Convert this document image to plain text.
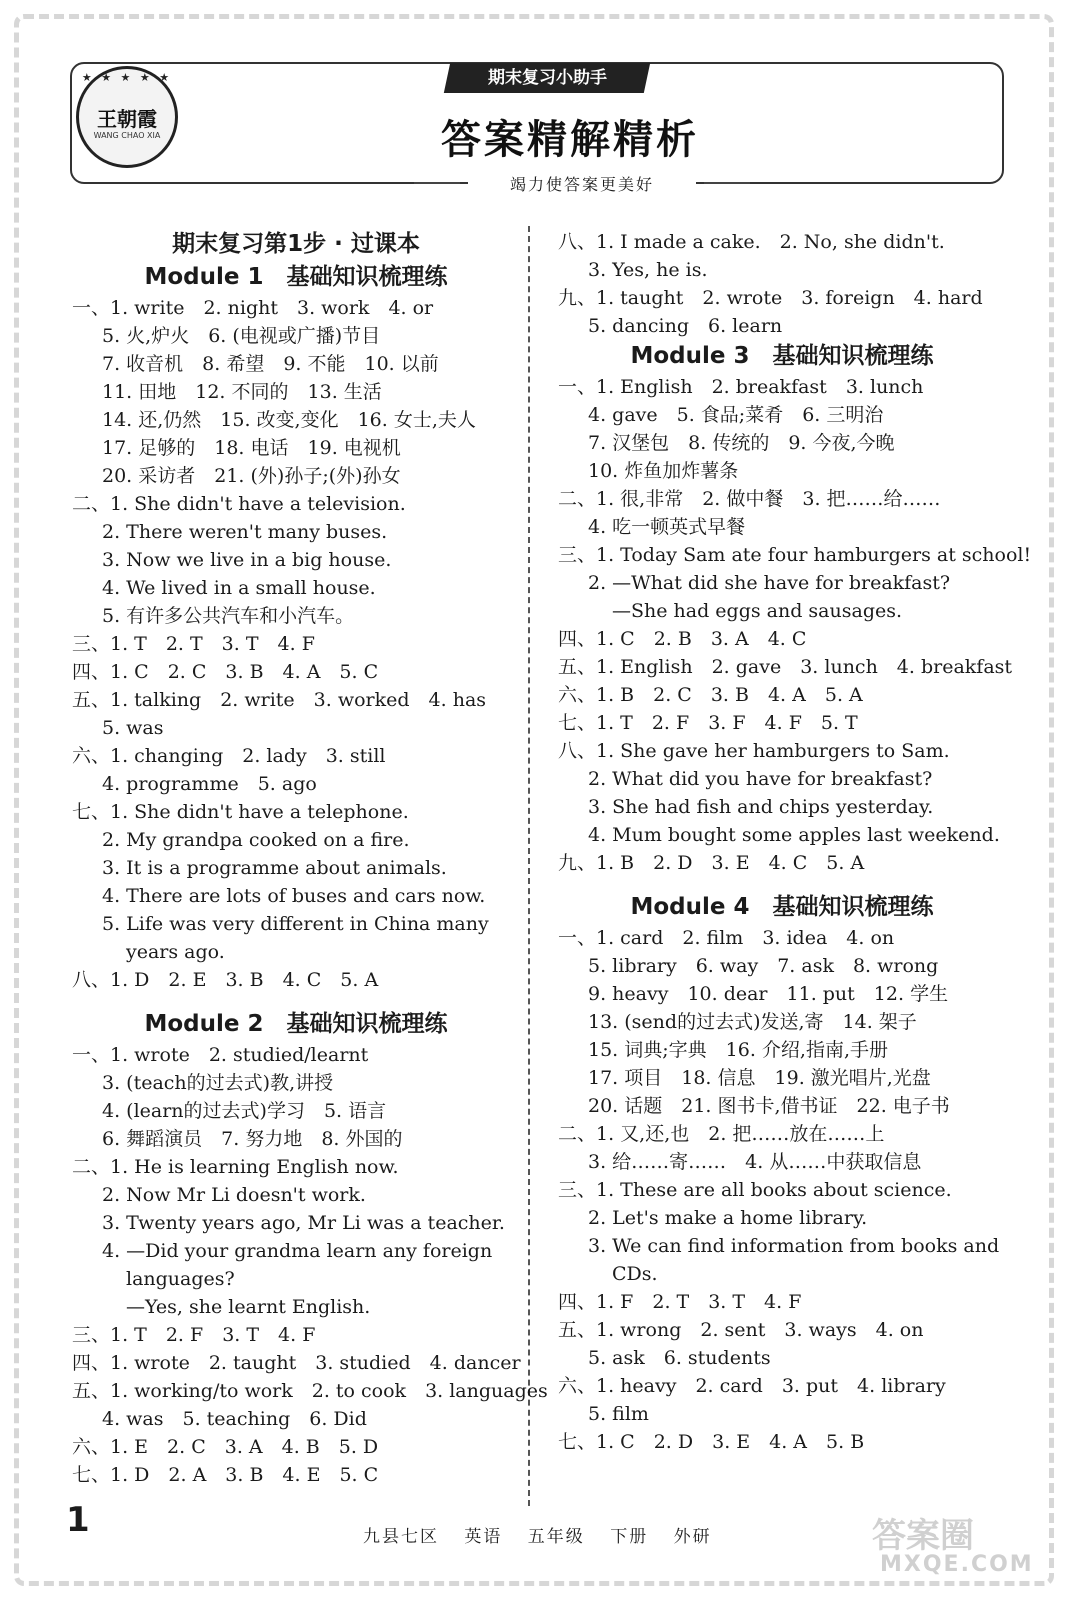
★ ★ ★ ★ ★
王朝霞
WANG CHAO XIA
期末复习小助手
答案精解精析
竭力使答案更美好
期末复习第1步 · 过课本
Module 1　基础知识梳理练
一、1. write　2. night　3. work　4. or
5. 火,炉火　6. (电视或广播)节目
7. 收音机　8. 希望　9. 不能　10. 以前
11. 田地　12. 不同的　13. 生活
14. 还,仍然　15. 改变,变化　16. 女士,夫人
17. 足够的　18. 电话　19. 电视机
20. 采访者　21. (外)孙子;(外)孙女
二、1. She didn't have a television.
2. There weren't many buses.
3. Now we live in a big house.
4. We lived in a small house.
5. 有许多公共汽车和小汽车。
三、1. T　2. T　3. T　4. F
四、1. C　2. C　3. B　4. A　5. C
五、1. talking　2. write　3. worked　4. has
5. was
六、1. changing　2. lady　3. still
4. programme　5. ago
七、1. She didn't have a telephone.
2. My grandpa cooked on a fire.
3. It is a programme about animals.
4. There are lots of buses and cars now.
5. Life was very different in China many
years ago.
八、1. D　2. E　3. B　4. C　5. A
Module 2　基础知识梳理练
一、1. wrote　2. studied/learnt
3. (teach的过去式)教,讲授
4. (learn的过去式)学习　5. 语言
6. 舞蹈演员　7. 努力地　8. 外国的
二、1. He is learning English now.
2. Now Mr Li doesn't work.
3. Twenty years ago, Mr Li was a teacher.
4. —Did your grandma learn any foreign
languages?
—Yes, she learnt English.
三、1. T　2. F　3. T　4. F
四、1. wrote　2. taught　3. studied　4. dancer
五、1. working/to work　2. to cook　3. languages
4. was　5. teaching　6. Did
六、1. E　2. C　3. A　4. B　5. D
七、1. D　2. A　3. B　4. E　5. C
八、1. I made a cake.　2. No, she didn't.
3. Yes, he is.
九、1. taught　2. wrote　3. foreign　4. hard
5. dancing　6. learn
Module 3　基础知识梳理练
一、1. English　2. breakfast　3. lunch
4. gave　5. 食品;菜肴　6. 三明治
7. 汉堡包　8. 传统的　9. 今夜,今晚
10. 炸鱼加炸薯条
二、1. 很,非常　2. 做中餐　3. 把……给……
4. 吃一顿英式早餐
三、1. Today Sam ate four hamburgers at school!
2. —What did she have for breakfast?
—She had eggs and sausages.
四、1. C　2. B　3. A　4. C
五、1. English　2. gave　3. lunch　4. breakfast
六、1. B　2. C　3. B　4. A　5. A
七、1. T　2. F　3. F　4. F　5. T
八、1. She gave her hamburgers to Sam.
2. What did you have for breakfast?
3. She had fish and chips yesterday.
4. Mum bought some apples last weekend.
九、1. B　2. D　3. E　4. C　5. A
Module 4　基础知识梳理练
一、1. card　2. film　3. idea　4. on
5. library　6. way　7. ask　8. wrong
9. heavy　10. dear　11. put　12. 学生
13. (send的过去式)发送,寄　14. 架子
15. 词典;字典　16. 介绍,指南,手册
17. 项目　18. 信息　19. 激光唱片,光盘
20. 话题　21. 图书卡,借书证　22. 电子书
二、1. 又,还,也　2. 把……放在……上
3. 给……寄……　4. 从……中获取信息
三、1. These are all books about science.
2. Let's make a home library.
3. We can find information from books and
CDs.
四、1. F　2. T　3. T　4. F
五、1. wrong　2. sent　3. ways　4. on
5. ask　6. students
六、1. heavy　2. card　3. put　4. library
5. film
七、1. C　2. D　3. E　4. A　5. B
1	九县七区 英语 五年级 下册 外研	答案圈
MXQE.COM
